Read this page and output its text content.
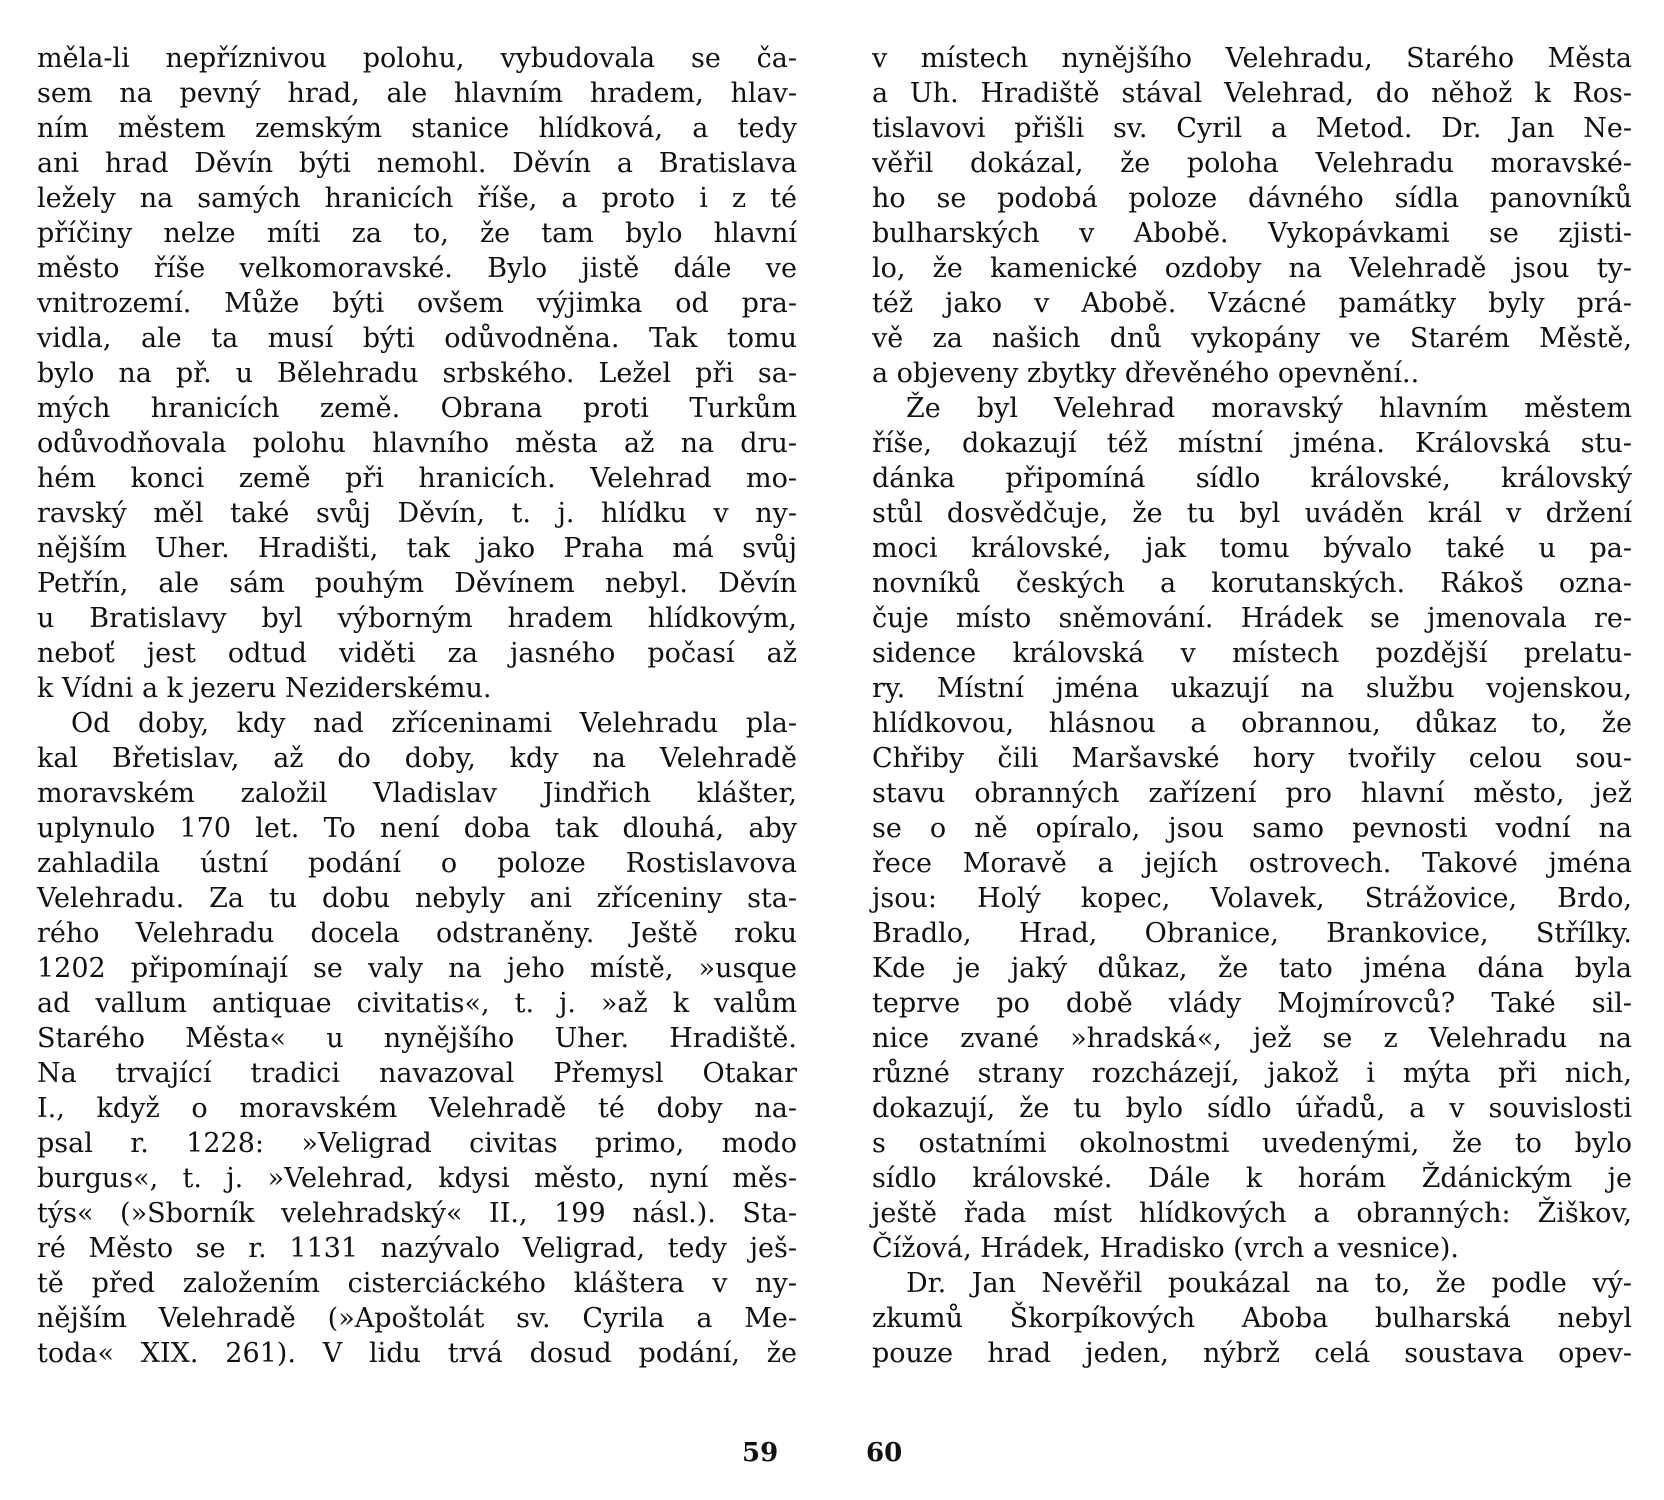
měla-li nepříznivou polohu, vybudovala se ča-
sem na pevný hrad, ale hlavním hradem, hlav-
ním městem zemským stanice hlídková, a tedy
ani hrad Děvín býti nemohl. Děvín a Bratislava
ležely na samých hranicích říše, a proto i z té
příčiny nelze míti za to, že tam bylo hlavní
město říše velkomoravské. Bylo jistě dále ve
vnitrozemí. Může býti ovšem výjimka od pra-
vidla, ale ta musí býti odůvodněna. Tak tomu
bylo na př. u Bělehradu srbského. Ležel při sa-
mých hranicích země. Obrana proti Turkům
odůvodňovala polohu hlavního města až na dru-
hém konci země při hranicích. Velehrad mo-
ravský měl také svůj Děvín, t. j. hlídku v ny-
nějším Uher. Hradišti, tak jako Praha má svůj
Petřín, ale sám pouhým Děvínem nebyl. Děvín
u Bratislavy byl výborným hradem hlídkovým,
neboť jest odtud viděti za jasného počasí až
k Vídni a k jezeru Neziderskému.
Od doby, kdy nad zříceninami Velehradu pla-
kal Břetislav, až do doby, kdy na Velehradě
moravském založil Vladislav Jindřich klášter,
uplynulo 170 let. To není doba tak dlouhá, aby
zahladila ústní podání o poloze Rostislavova
Velehradu. Za tu dobu nebyly ani zříceniny sta-
rého Velehradu docela odstraněny. Ještě roku
1202 připomínají se valy na jeho místě, »usque
ad vallum antiquae civitatis«, t. j. »až k valům
Starého Města« u nynějšího Uher. Hradiště.
Na trvající tradici navazoval Přemysl Otakar
I., když o moravském Velehradě té doby na-
psal r. 1228: »Veligrad civitas primo, modo
burgus«, t. j. »Velehrad, kdysi město, nyní měs-
týs« (»Sborník velehradský« II., 199 násl.). Sta-
ré Město se r. 1131 nazývalo Veligrad, tedy ješ-
tě před založením cisterciáckého kláštera v ny-
nějším Velehradě (»Apoštolát sv. Cyrila a Me-
toda« XIX. 261). V lidu trvá dosud podání, že
59
v místech nynějšího Velehradu, Starého Města
a Uh. Hradiště stával Velehrad, do něhož k Ros-
tislavovi přišli sv. Cyril a Metod. Dr. Jan Ne-
věřil dokázal, že poloha Velehradu moravské-
ho se podobá poloze dávného sídla panovníků
bulharských v Abobě. Vykopávkami se zjisti-
lo, že kamenické ozdoby na Velehradě jsou ty-
též jako v Abobě. Vzácné památky byly prá-
vě za našich dnů vykopány ve Starém Městě,
a objeveny zbytky dřevěného opevnění..
Že byl Velehrad moravský hlavním městem
říše, dokazují též místní jména. Královská stu-
dánka připomíná sídlo královské, královský
stůl dosvědčuje, že tu byl uváděn král v držení
moci královské, jak tomu bývalo také u pa-
novníků českých a korutanských. Rákoš ozna-
čuje místo sněmování. Hrádek se jmenovala re-
sidence královská v místech pozdější prelatu-
ry. Místní jména ukazují na službu vojenskou,
hlídkovou, hlásnou a obrannou, důkaz to, že
Chřiby čili Maršavské hory tvořily celou sou-
stavu obranných zařízení pro hlavní město, jež
se o ně opíralo, jsou samo pevnosti vodní na
řece Moravě a jejích ostrovech. Takové jména
jsou: Holý kopec, Volavek, Strážovice, Brdo,
Bradlo, Hrad, Obranice, Brankovice, Střílky.
Kde je jaký důkaz, že tato jména dána byla
teprve po době vlády Mojmírovců? Také sil-
nice zvané »hradská«, jež se z Velehradu na
různé strany rozcházejí, jakož i mýta při nich,
dokazují, že tu bylo sídlo úřadů, a v souvislosti
s ostatními okolnostmi uvedenými, že to bylo
sídlo královské. Dále k horám Ždánickým je
ještě řada míst hlídkových a obranných: Žiškov,
Čížová, Hrádek, Hradisko (vrch a vesnice).
Dr. Jan Nevěřil poukázal na to, že podle vý-
zkumů Škorpíkových Aboba bulharská nebyl
pouze hrad jeden, nýbrž celá soustava opev-
60
